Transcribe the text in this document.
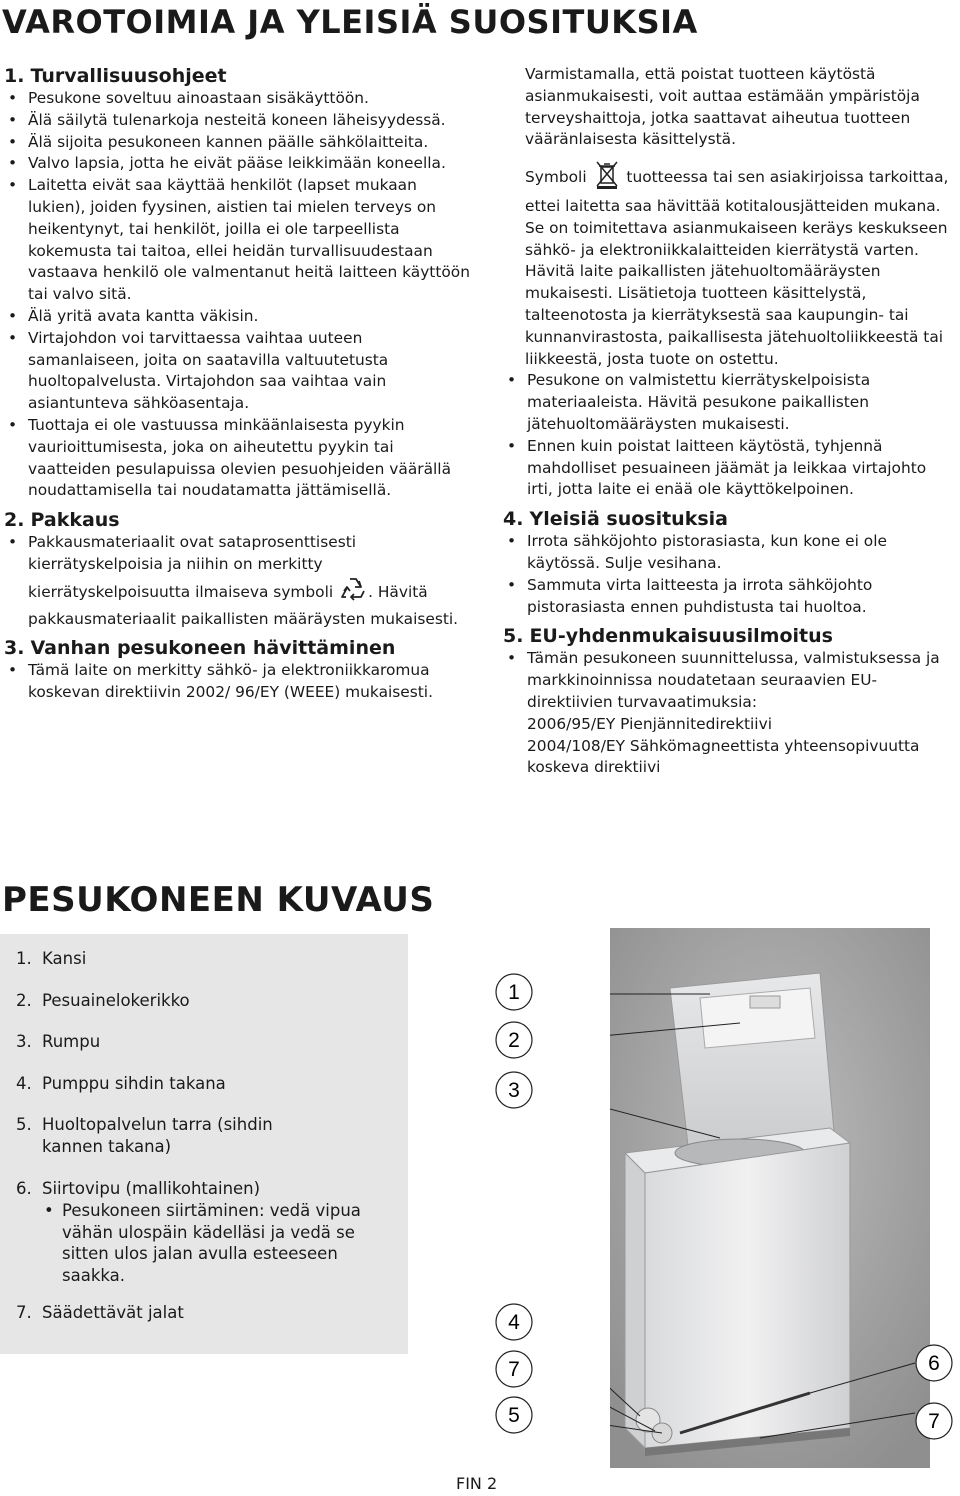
VAROTOIMIA JA YLEISIÄ SUOSITUKSIA
1. Turvallisuusohjeet
• Pesukone soveltuu ainoastaan sisäkäyttöön.
• Älä säilytä tulenarkoja nesteitä koneen läheisyydessä.
• Älä sijoita pesukoneen kannen päälle sähkölaitteita.
• Valvo lapsia, jotta he eivät pääse leikkimään koneella.
• Laitetta eivät saa käyttää henkilöt (lapset mukaan lukien), joiden fyysinen, aistien tai mielen terveys on heikentynyt, tai henkilöt, joilla ei ole tarpeellista kokemusta tai taitoa, ellei heidän turvallisuudestaan vastaava henkilö ole valmentanut heitä laitteen käyttöön tai valvo sitä.
• Älä yritä avata kantta väkisin.
• Virtajohdon voi tarvittaessa vaihtaa uuteen samanlaiseen, joita on saatavilla valtuutetusta huoltopalvelusta. Virtajohdon saa vaihtaa vain asiantunteva sähköasentaja.
• Tuottaja ei ole vastuussa minkäänlaisesta pyykin vaurioittumisesta, joka on aiheutettu pyykin tai vaatteiden pesulapuissa olevien pesuohjeiden väärällä noudattamisella tai noudatamatta jättämisellä.
2. Pakkaus
• Pakkausmateriaalit ovat sataprosenttisesti kierrätyskelpoisia ja niihin on merkitty kierrätyskelpoisuutta ilmaiseva symboli . Hävitä pakkausmateriaalit paikallisten määräysten mukaisesti.
3. Vanhan pesukoneen hävittäminen
• Tämä laite on merkitty sähkö- ja elektroniikkaromua koskevan direktiivin 2002/ 96/EY (WEEE) mukaisesti.

Varmistamalla, että poistat tuotteen käytöstä asianmukaisesti, voit auttaa estämään ympäristöja terveyshaittoja, jotka saattavat aiheutua tuotteen vääränlaisesta käsittelystä.

Symboli	tuotteessa tai sen asiakirjoissa tarkoittaa, ettei laitetta saa hävittää kotitalousjätteiden mukana. Se on toimitettava asianmukaiseen keräys keskukseen sähkö- ja elektroniikkalaitteiden kierrätystä varten. Hävitä laite paikallisten jätehuoltomääräysten mukaisesti. Lisätietoja tuotteen käsittelystä, talteenotosta ja kierrätyksestä saa kaupungin- tai kunnanvirastosta, paikallisesta jätehuoltoliikkeestä tai liikkeestä, josta tuote on ostettu.

• Pesukone on valmistettu kierrätyskelpoisista materiaaleista. Hävitä pesukone paikallisten jätehuoltomääräysten mukaisesti.
• Ennen kuin poistat laitteen käytöstä, tyhjennä mahdolliset pesuaineen jäämät ja leikkaa virtajohto irti, jotta laite ei enää ole käyttökelpoinen.
4. Yleisiä suosituksia
• Irrota sähköjohto pistorasiasta, kun kone ei ole käytössä. Sulje vesihana.
• Sammuta virta laitteesta ja irrota sähköjohto pistorasiasta ennen puhdistusta tai huoltoa.
5. EU-yhdenmukaisuusilmoitus
• Tämän pesukoneen suunnittelussa, valmistuksessa ja markkinoinnissa noudatetaan seuraavien EU-direktiivien turvavaatimuksia:
2006/95/EY Pienjännitedirektiivi
2004/108/EY Sähkömagneettista yhteensopivuutta koskeva direktiivi
PESUKONEEN KUVAUS
1. Kansi
2. Pesuainelokerikko
3. Rumpu
4. Pumppu sihdin takana
5. Huoltopalvelun tarra (sihdin kannen takana)
6. Siirtovipu (mallikohtainen)
• Pesukoneen siirtäminen: vedä vipua vähän ulospäin kädelläsi ja vedä se sitten ulos jalan avulla esteeseen saakka.
7. Säädettävät jalat
1
2
3
4
7
5
6
7
FIN 2
